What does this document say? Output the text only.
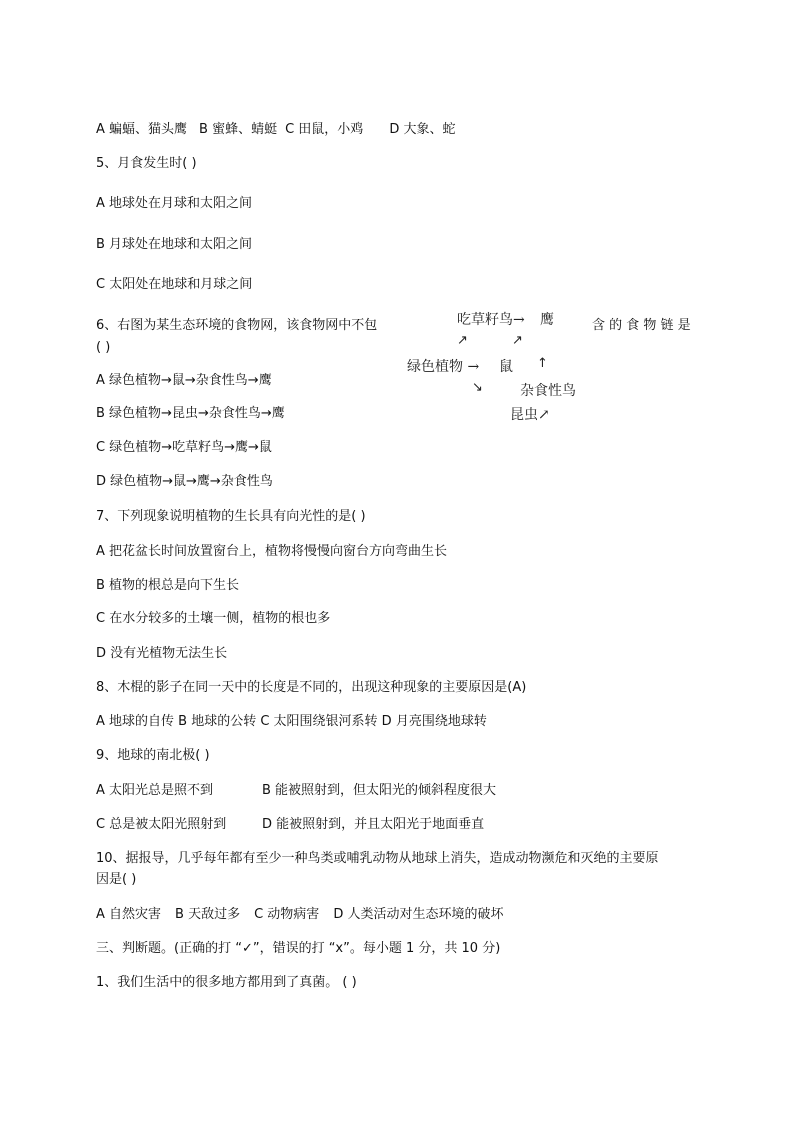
A 蝙蝠、猫头鹰 B 蜜蜂、蜻蜓 C 田鼠，小鸡 D 大象、蛇
5、月食发生时( )
A 地球处在月球和太阳之间
B 月球处在地球和太阳之间
C 太阳处在地球和月球之间
6、右图为某生态环境的食物网，该食物网中不包	含 的 食 物 链 是
( )
A 绿色植物→鼠→杂食性鸟→鹰
B 绿色植物→昆虫→杂食性鸟→鹰
C 绿色植物→吃草籽鸟→鹰→鼠
D 绿色植物→鼠→鹰→杂食性鸟
吃草籽鸟→ 鹰
↗	↗
绿色植物 → 鼠 ↑
↘	杂食性鸟
昆虫↗
7、下列现象说明植物的生长具有向光性的是( )
A 把花盆长时间放置窗台上，植物将慢慢向窗台方向弯曲生长
B 植物的根总是向下生长
C 在水分较多的土壤一侧，植物的根也多
D 没有光植物无法生长
8、木棍的影子在同一天中的长度是不同的，出现这种现象的主要原因是(A)
A 地球的自传 B 地球的公转 C 太阳围绕银河系转 D 月亮围绕地球转
9、地球的南北极( )
A 太阳光总是照不到	B 能被照射到，但太阳光的倾斜程度很大
C 总是被太阳光照射到	D 能被照射到，并且太阳光于地面垂直
10、据报导，几乎每年都有至少一种鸟类或哺乳动物从地球上消失，造成动物濒危和灭绝的主要原
因是( )
A 自然灾害 B 天敌过多 C 动物病害 D 人类活动对生态环境的破坏
三、判断题。(正确的打 “✓”，错误的打 “x”。每小题 1 分，共 10 分)
1、我们生活中的很多地方都用到了真菌。 ( )
